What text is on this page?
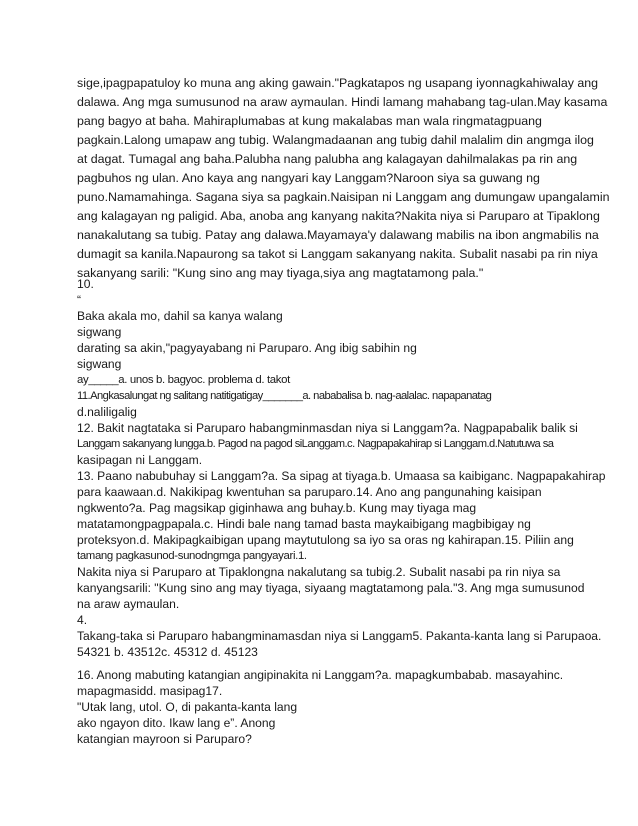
sige,ipagpapatuloy ko muna ang aking gawain."Pagkatapos ng usapang iyonnagkahiwalay ang

dalawa. Ang mga sumusunod na araw aymaulan. Hindi lamang mahabang tag-ulan.May kasama

pang bagyo at baha. Mahiraplumabas at kung makalabas man wala ringmatagpuang

pagkain.Lalong umapaw ang tubig. Walangmadaanan ang tubig dahil malalim din angmga ilog

at dagat. Tumagal ang baha.Palubha nang palubha ang kalagayan dahilmalakas pa rin ang

pagbuhos ng ulan. Ano kaya ang nangyari kay Langgam?Naroon siya sa guwang ng

puno.Namamahinga. Sagana siya sa pagkain.Naisipan ni Langgam ang dumungaw upangalamin

ang kalagayan ng paligid. Aba, anoba ang kanyang nakita?Nakita niya si Paruparo at Tipaklong

nanakalutang sa tubig. Patay ang dalawa.Mayamaya'y dalawang mabilis na ibon angmabilis na

dumagit sa kanila.Napaurong sa takot si Langgam sakanyang nakita. Subalit nasabi pa rin niya

sakanyang sarili: "Kung sino ang may tiyaga,siya ang magtatamong pala."

10.

“

Baka akala mo, dahil sa kanya walang

sigwang

darating sa akin,"pagyayabang ni Paruparo. Ang ibig sabihin ng

sigwang

ay_____a. unos b. bagyoc. problema d. takot

11.Angkasalungat ng salitang natitigatigay_______a. nababalisa b. nag-aalalac. napapanatag

d.naliligalig

12. Bakit nagtataka si Paruparo habangminmasdan niya si Langgam?a. Nagpapabalik balik si

Langgam sakanyang lungga.b. Pagod na pagod siLanggam.c. Nagpapakahirap si Langgam.d.Natutuwa sa

kasipagan ni Langgam.

13. Paano nabubuhay si Langgam?a. Sa sipag at tiyaga.b. Umaasa sa kaibiganc. Nagpapakahirap

para kaawaan.d. Nakikipag kwentuhan sa paruparo.14. Ano ang pangunahing kaisipan

ngkwento?a. Pag magsikap giginhawa ang buhay.b. Kung may tiyaga mag

matatamongpagpapala.c. Hindi bale nang tamad basta maykaibigang magbibigay ng

proteksyon.d. Makipagkaibigan upang maytutulong sa iyo sa oras ng kahirapan.15. Piliin ang

tamang pagkasunod-sunodngmga pangyayari.1.

Nakita niya si Paruparo at Tipaklongna nakalutang sa tubig.2. Subalit nasabi pa rin niya sa

kanyangsarili: "Kung sino ang may tiyaga, siyaang magtatamong pala."3. Ang mga sumusunod

na araw aymaulan.

4.

Takang-taka si Paruparo habangminamasdan niya si Langgam5. Pakanta-kanta lang si Parupaoa.

54321 b. 43512c. 45312 d. 45123

16. Anong mabuting katangian angipinakita ni Langgam?a. mapagkumbabab. masayahinc.

mapagmasidd. masipag17.

"Utak lang, utol. O, di pakanta-kanta lang

ako ngayon dito. Ikaw lang e”. Anong

katangian mayroon si Paruparo?
